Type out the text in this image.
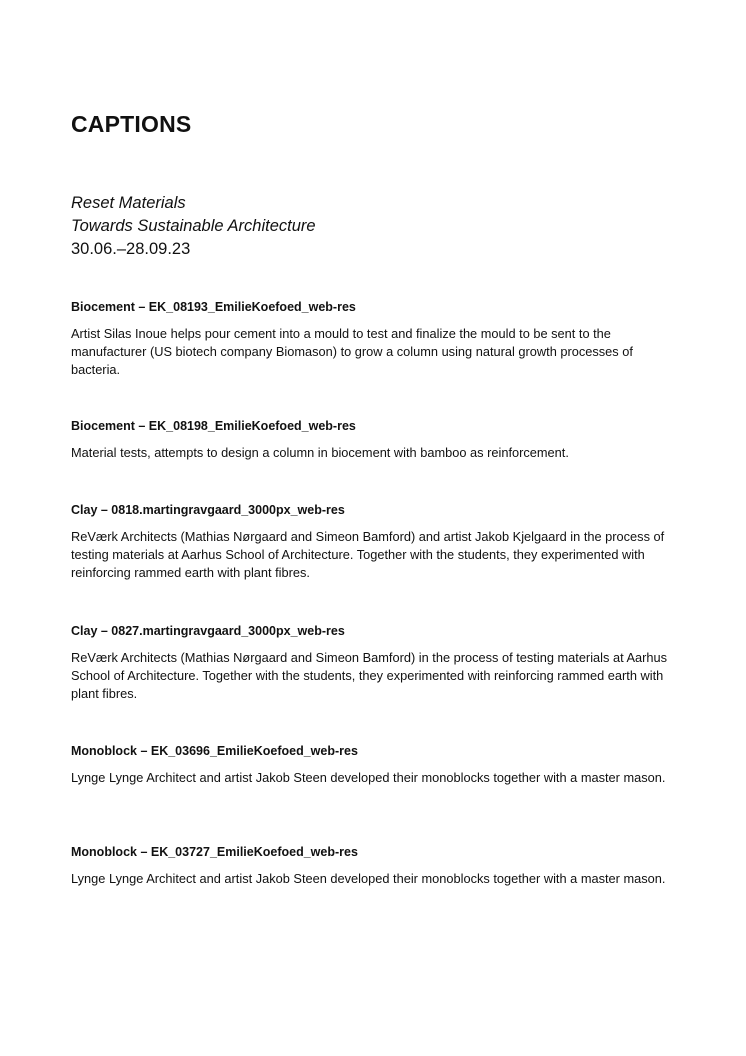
CAPTIONS
Reset Materials
Towards Sustainable Architecture
30.06.–28.09.23

Biocement – EK_08193_EmilieKoefoed_web-res

Artist Silas Inoue helps pour cement into a mould to test and finalize the mould to be sent to the manufacturer (US biotech company Biomason) to grow a column using natural growth processes of bacteria.

Biocement – EK_08198_EmilieKoefoed_web-res

Material tests, attempts to design a column in biocement with bamboo as reinforcement.

Clay – 0818.martingravgaard_3000px_web-res

ReVærk Architects (Mathias Nørgaard and Simeon Bamford) and artist Jakob Kjelgaard in the process of testing materials at Aarhus School of Architecture. Together with the students, they experimented with reinforcing rammed earth with plant fibres.

Clay – 0827.martingravgaard_3000px_web-res

ReVærk Architects (Mathias Nørgaard and Simeon Bamford) in the process of testing materials at Aarhus School of Architecture. Together with the students, they experimented with reinforcing rammed earth with plant fibres.

Monoblock – EK_03696_EmilieKoefoed_web-res

Lynge Lynge Architect and artist Jakob Steen developed their monoblocks together with a master mason.

Monoblock – EK_03727_EmilieKoefoed_web-res

Lynge Lynge Architect and artist Jakob Steen developed their monoblocks together with a master mason.
